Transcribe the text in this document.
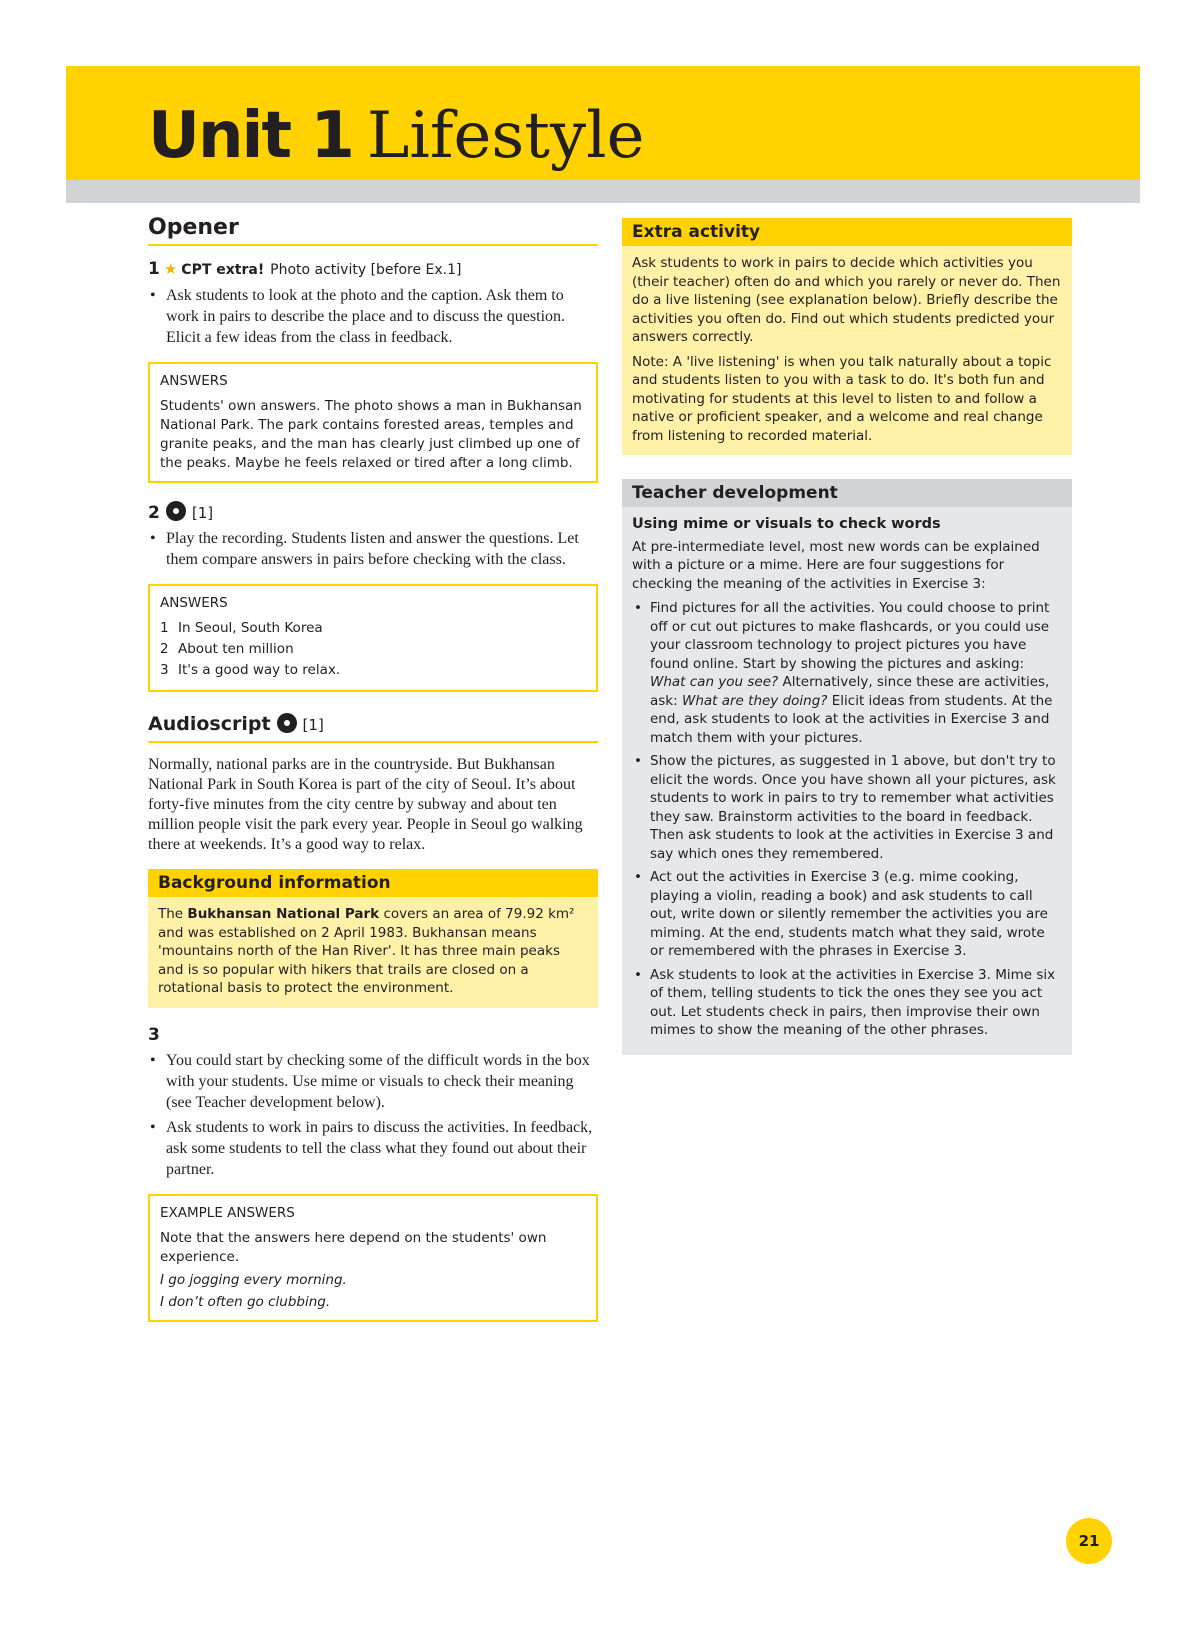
Unit 1 Lifestyle
Opener
1 ★ CPT extra! Photo activity [before Ex.1]
• Ask students to look at the photo and the caption. Ask them to work in pairs to describe the place and to discuss the question. Elicit a few ideas from the class in feedback.
ANSWERS

Students' own answers. The photo shows a man in Bukhansan National Park. The park contains forested areas, temples and granite peaks, and the man has clearly just climbed up one of the peaks. Maybe he feels relaxed or tired after a long climb.

2 [1]
• Play the recording. Students listen and answer the questions. Let them compare answers in pairs before checking with the class.
ANSWERS
1 In Seoul, South Korea
2 About ten million
3 It's a good way to relax.
Audioscript [1]

Normally, national parks are in the countryside. But Bukhansan National Park in South Korea is part of the city of Seoul. It’s about forty-five minutes from the city centre by subway and about ten million people visit the park every year. People in Seoul go walking there at weekends. It’s a good way to relax.

Background information
The Bukhansan National Park covers an area of 79.92 km² and was established on 2 April 1983. Bukhansan means 'mountains north of the Han River'. It has three main peaks and is so popular with hikers that trails are closed on a rotational basis to protect the environment.
3
• You could start by checking some of the difficult words in the box with your students. Use mime or visuals to check their meaning (see Teacher development below).
• Ask students to work in pairs to discuss the activities. In feedback, ask some students to tell the class what they found out about their partner.
EXAMPLE ANSWERS

Note that the answers here depend on the students' own experience.

I go jogging every morning.

I don’t often go clubbing.

Extra activity

Ask students to work in pairs to decide which activities you (their teacher) often do and which you rarely or never do. Then do a live listening (see explanation below). Briefly describe the activities you often do. Find out which students predicted your answers correctly.

Note: A 'live listening' is when you talk naturally about a topic and students listen to you with a task to do. It's both fun and motivating for students at this level to listen to and follow a native or proficient speaker, and a welcome and real change from listening to recorded material.

Teacher development

Using mime or visuals to check words

At pre-intermediate level, most new words can be explained with a picture or a mime. Here are four suggestions for checking the meaning of the activities in Exercise 3:

• Find pictures for all the activities. You could choose to print off or cut out pictures to make flashcards, or you could use your classroom technology to project pictures you have found online. Start by showing the pictures and asking: What can you see? Alternatively, since these are activities, ask: What are they doing? Elicit ideas from students. At the end, ask students to look at the activities in Exercise 3 and match them with your pictures.
• Show the pictures, as suggested in 1 above, but don't try to elicit the words. Once you have shown all your pictures, ask students to work in pairs to try to remember what activities they saw. Brainstorm activities to the board in feedback. Then ask students to look at the activities in Exercise 3 and say which ones they remembered.
• Act out the activities in Exercise 3 (e.g. mime cooking, playing a violin, reading a book) and ask students to call out, write down or silently remember the activities you are miming. At the end, students match what they said, wrote or remembered with the phrases in Exercise 3.
• Ask students to look at the activities in Exercise 3. Mime six of them, telling students to tick the ones they see you act out. Let students check in pairs, then improvise their own mimes to show the meaning of the other phrases.
21
